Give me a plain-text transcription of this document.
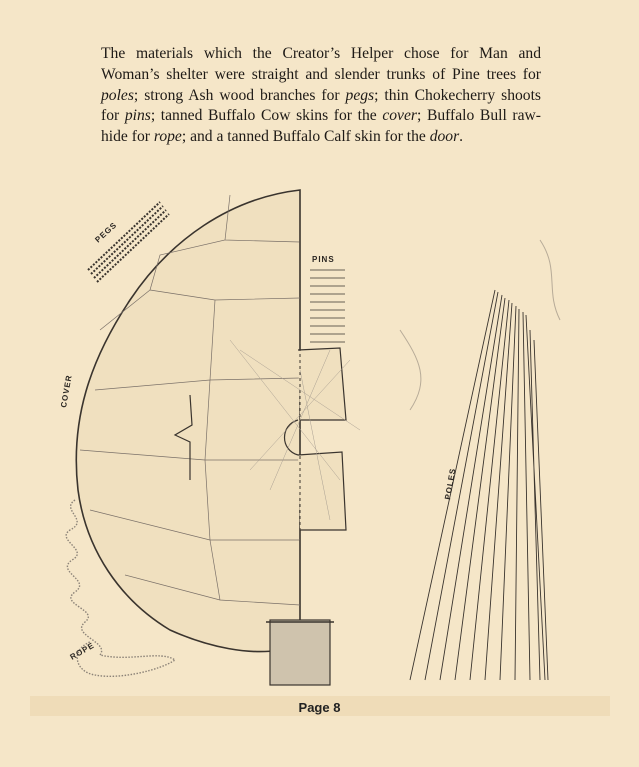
The materials which the Creator’s Helper chose for Man and Woman’s shelter were straight and slender trunks of Pine trees for poles; strong Ash wood branches for pegs; thin Chokecherry shoots for pins; tanned Buffalo Cow skins for the cover; Buffalo Bull raw-hide for rope; and a tanned Buffalo Calf skin for the door.

PEGS
PINS
COVER
ROPE
POLES
Page 8
